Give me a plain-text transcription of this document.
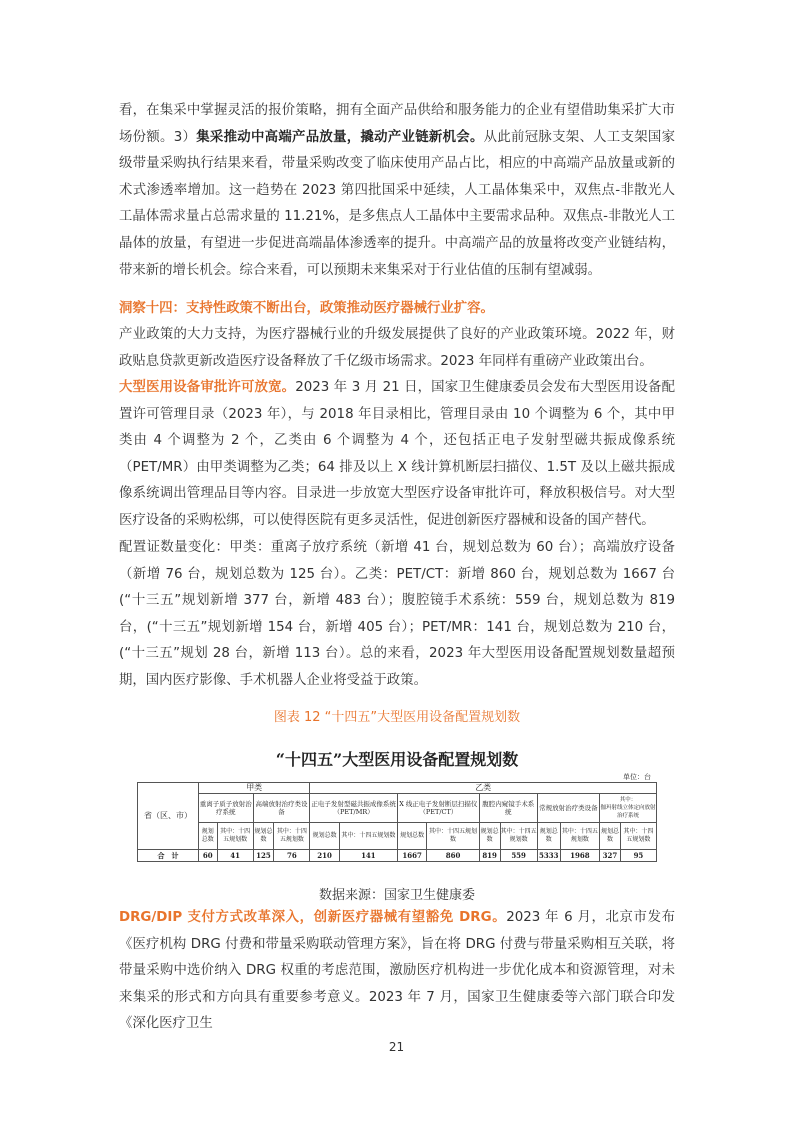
看，在集采中掌握灵活的报价策略，拥有全面产品供给和服务能力的企业有望借助集采扩大市场份额。3）集采推动中高端产品放量，撬动产业链新机会。从此前冠脉支架、人工支架国家级带量采购执行结果来看，带量采购改变了临床使用产品占比，相应的中高端产品放量或新的术式渗透率增加。这一趋势在 2023 第四批国采中延续，人工晶体集采中，双焦点-非散光人工晶体需求量占总需求量的 11.21%，是多焦点人工晶体中主要需求品种。双焦点-非散光人工晶体的放量，有望进一步促进高端晶体渗透率的提升。中高端产品的放量将改变产业链结构，带来新的增长机会。综合来看，可以预期未来集采对于行业估值的压制有望减弱。

洞察十四：支持性政策不断出台，政策推动医疗器械行业扩容。

产业政策的大力支持，为医疗器械行业的升级发展提供了良好的产业政策环境。2022 年，财政贴息贷款更新改造医疗设备释放了千亿级市场需求。2023 年同样有重磅产业政策出台。

大型医用设备审批许可放宽。2023 年 3 月 21 日，国家卫生健康委员会发布大型医用设备配置许可管理目录（2023 年），与 2018 年目录相比，管理目录由 10 个调整为 6 个，其中甲类由 4 个调整为 2 个，乙类由 6 个调整为 4 个，还包括正电子发射型磁共振成像系统（PET/MR）由甲类调整为乙类；64 排及以上 X 线计算机断层扫描仪、1.5T 及以上磁共振成像系统调出管理品目等内容。目录进一步放宽大型医疗设备审批许可，释放积极信号。对大型医疗设备的采购松绑，可以使得医院有更多灵活性，促进创新医疗器械和设备的国产替代。

配置证数量变化：甲类：重离子放疗系统（新增 41 台，规划总数为 60 台）；高端放疗设备（新增 76 台，规划总数为 125 台）。乙类：PET/CT：新增 860 台，规划总数为 1667 台(“十三五”规划新增 377 台，新增 483 台）；腹腔镜手术系统：559 台，规划总数为 819 台，(“十三五”规划新增 154 台，新增 405 台）；PET/MR：141 台，规划总数为 210 台，(“十三五”规划 28 台，新增 113 台）。总的来看，2023 年大型医用设备配置规划数量超预期，国内医疗影像、手术机器人企业将受益于政策。

图表 12 “十四五”大型医用设备配置规划数
数据来源：国家卫生健康委

DRG/DIP 支付方式改革深入，创新医疗器械有望豁免 DRG。2023 年 6 月，北京市发布《医疗机构 DRG 付费和带量采购联动管理方案》，旨在将 DRG 付费与带量采购相互关联，将带量采购中选价纳入 DRG 权重的考虑范围，激励医疗机构进一步优化成本和资源管理，对未来集采的形式和方向具有重要参考意义。2023 年 7 月，国家卫生健康委等六部门联合印发《深化医疗卫生

“十四五”大型医用设备配置规划数
单位：台
省（区、市）	甲类				乙类									
	重离子质子放射治疗系统		高端放射治疗类设备		正电子发射型磁共振成像系统（PET/MR）		X 线正电子发射断层扫描仪（PET/CT）		腹腔内窥镜手术系统		常规放射治疗类设备		其中：
伽玛射线立体定向放射治疗系统	
	规划总数	其中：十四五规划数	规划总数	其中：十四五规划数	规划总数	其中：十四五规划数	规划总数	其中：十四五规划数	规划总数	其中：十四五规划数	规划总数	其中：十四五规划数	规划总数	其中：十四五规划数
合　计	60	41	125	76	210	141	1667	860	819	559	5333	1968	327	95
21
